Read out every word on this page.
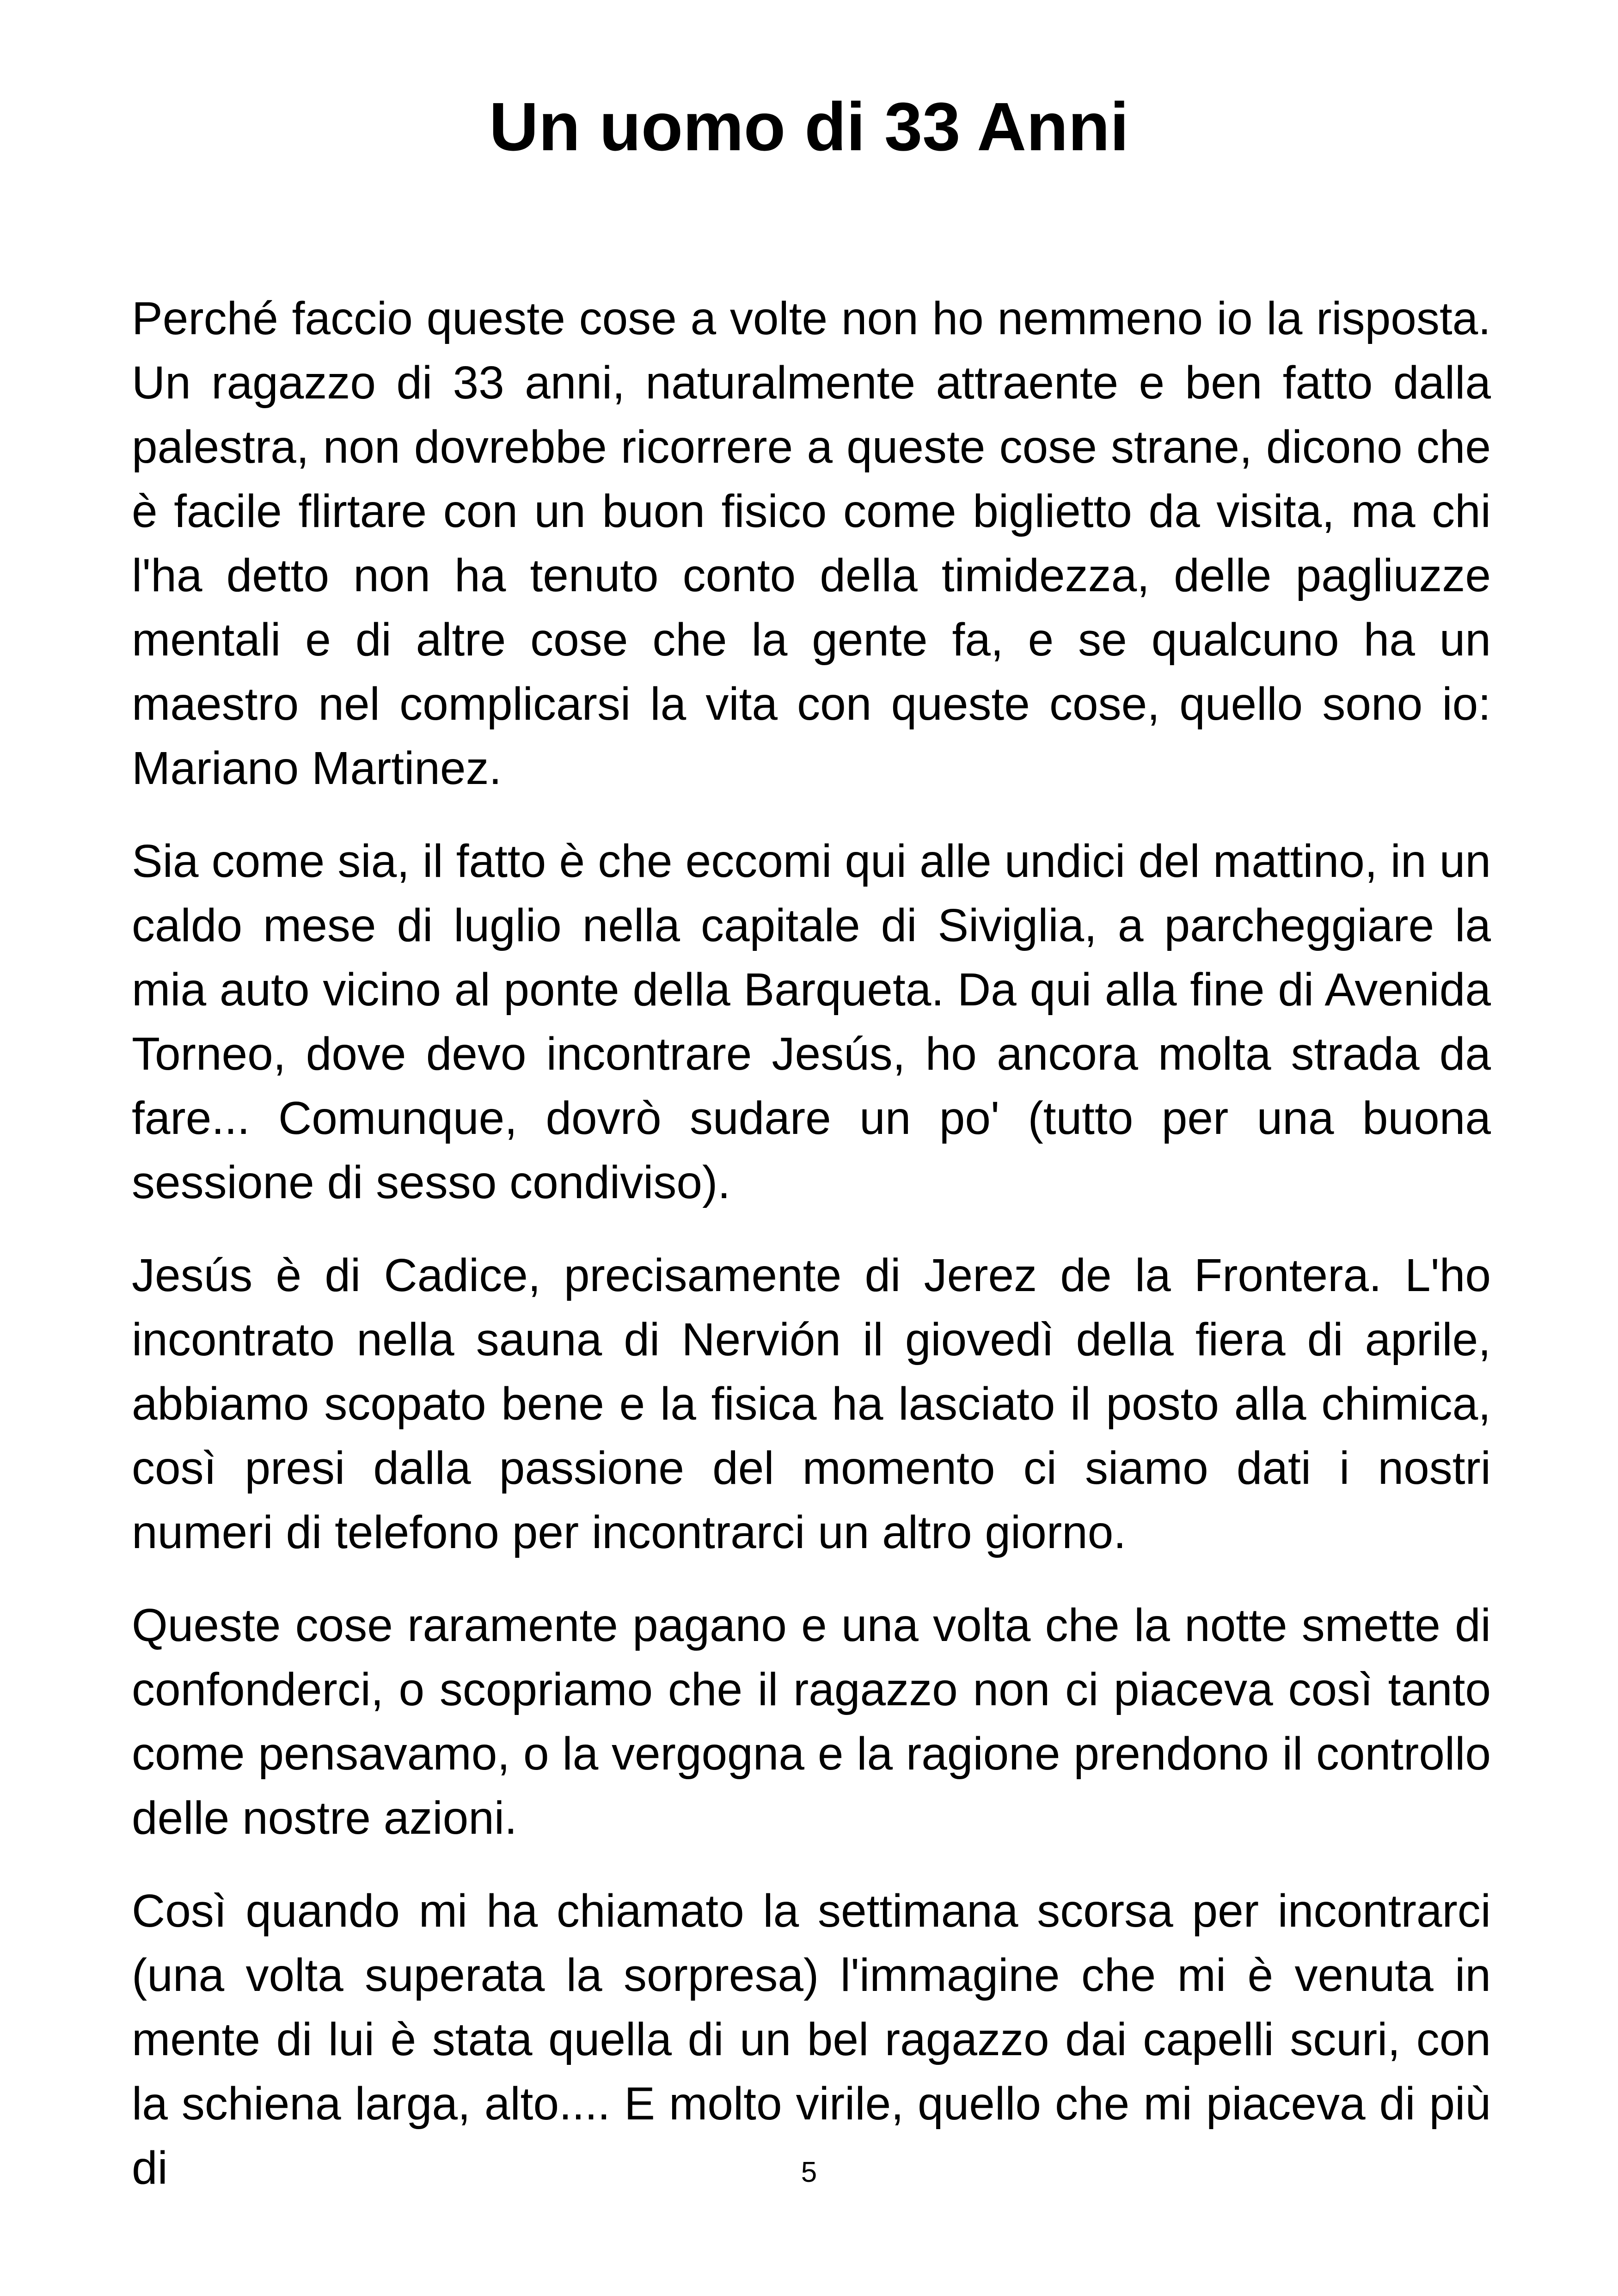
Un uomo di 33 Anni

Perché faccio queste cose a volte non ho nemmeno io la risposta. Un ragazzo di 33 anni, naturalmente attraente e ben fatto dalla palestra, non dovrebbe ricorrere a queste cose strane, dicono che è facile flirtare con un buon fisico come biglietto da visita, ma chi l'ha detto non ha tenuto conto della timidezza, delle pagliuzze mentali e di altre cose che la gente fa, e se qualcuno ha un maestro nel complicarsi la vita con queste cose, quello sono io: Mariano Martinez.

Sia come sia, il fatto è che eccomi qui alle undici del mattino, in un caldo mese di luglio nella capitale di Siviglia, a parcheggiare la mia auto vicino al ponte della Barqueta. Da qui alla fine di Avenida Torneo, dove devo incontrare Jesús, ho ancora molta strada da fare... Comunque, dovrò sudare un po' (tutto per una buona sessione di sesso condiviso).

Jesús è di Cadice, precisamente di Jerez de la Frontera. L'ho incontrato nella sauna di Nervión il giovedì della fiera di aprile, abbiamo scopato bene e la fisica ha lasciato il posto alla chimica, così presi dalla passione del momento ci siamo dati i nostri numeri di telefono per incontrarci un altro giorno.

Queste cose raramente pagano e una volta che la notte smette di confonderci, o scopriamo che il ragazzo non ci piaceva così tanto come pensavamo, o la vergogna e la ragione prendono il controllo delle nostre azioni.

Così quando mi ha chiamato la settimana scorsa per incontrarci (una volta superata la sorpresa) l'immagine che mi è venuta in mente di lui è stata quella di un bel ragazzo dai capelli scuri, con la schiena larga, alto.... E molto virile, quello che mi piaceva di più di	5
